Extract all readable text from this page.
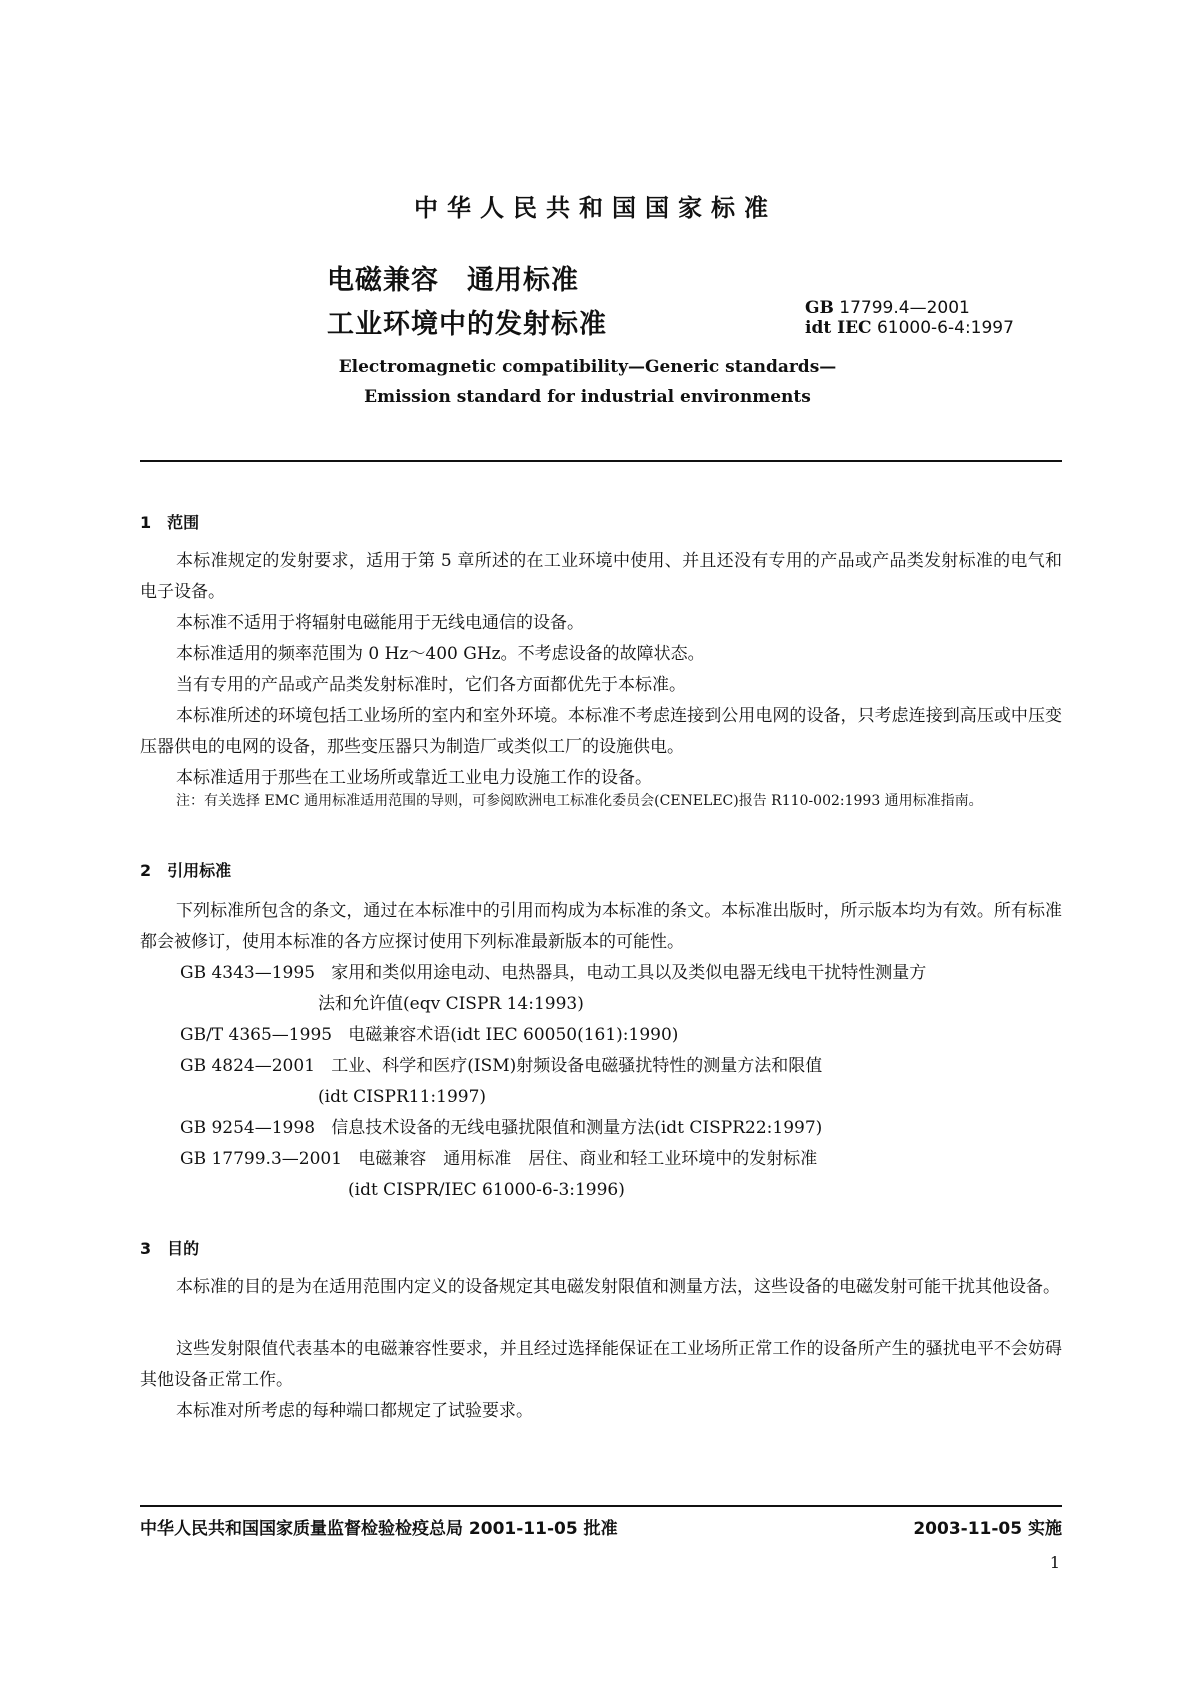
中华人民共和国国家标准
电磁兼容　通用标准
工业环境中的发射标准
GB 17799.4—2001
idt IEC 61000-6-4:1997
Electromagnetic compatibility—Generic standards—
Emission standard for industrial environments
1　范围
本标准规定的发射要求，适用于第 5 章所述的在工业环境中使用、并且还没有专用的产品或产品类发射标准的电气和电子设备。
本标准不适用于将辐射电磁能用于无线电通信的设备。
本标准适用的频率范围为 0 Hz～400 GHz。不考虑设备的故障状态。
当有专用的产品或产品类发射标准时，它们各方面都优先于本标准。
本标准所述的环境包括工业场所的室内和室外环境。本标准不考虑连接到公用电网的设备，只考虑连接到高压或中压变压器供电的电网的设备，那些变压器只为制造厂或类似工厂的设施供电。
本标准适用于那些在工业场所或靠近工业电力设施工作的设备。
注：有关选择 EMC 通用标准适用范围的导则，可参阅欧洲电工标准化委员会(CENELEC)报告 R110-002:1993 通用标准指南。
2　引用标准
下列标准所包含的条文，通过在本标准中的引用而构成为本标准的条文。本标准出版时，所示版本均为有效。所有标准都会被修订，使用本标准的各方应探讨使用下列标准最新版本的可能性。
GB 4343—1995 家用和类似用途电动、电热器具，电动工具以及类似电器无线电干扰特性测量方
法和允许值(eqv CISPR 14:1993)
GB/T 4365—1995 电磁兼容术语(idt IEC 60050(161):1990)
GB 4824—2001 工业、科学和医疗(ISM)射频设备电磁骚扰特性的测量方法和限值
(idt CISPR11:1997)
GB 9254—1998 信息技术设备的无线电骚扰限值和测量方法(idt CISPR22:1997)
GB 17799.3—2001 电磁兼容　通用标准　居住、商业和轻工业环境中的发射标准
(idt CISPR/IEC 61000-6-3:1996)
3　目的
本标准的目的是为在适用范围内定义的设备规定其电磁发射限值和测量方法，这些设备的电磁发射可能干扰其他设备。
这些发射限值代表基本的电磁兼容性要求，并且经过选择能保证在工业场所正常工作的设备所产生的骚扰电平不会妨碍其他设备正常工作。
本标准对所考虑的每种端口都规定了试验要求。
中华人民共和国国家质量监督检验检疫总局 2001-11-05 批准	2003-11-05 实施
1
